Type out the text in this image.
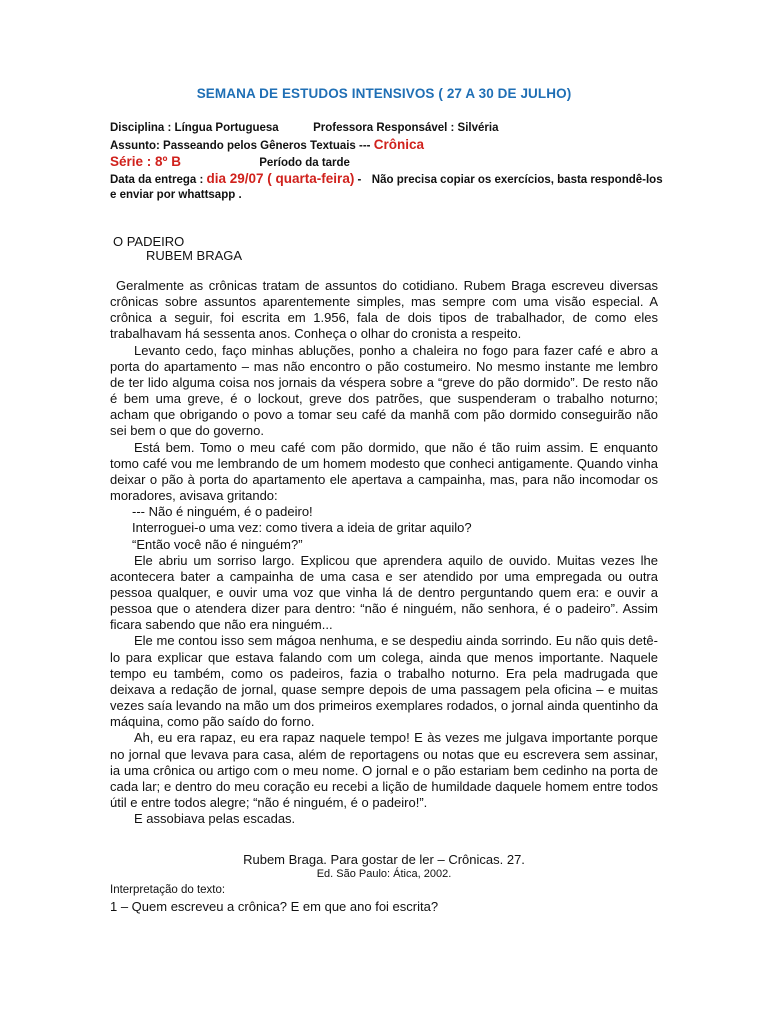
SEMANA DE ESTUDOS INTENSIVOS ( 27 A 30 DE JULHO)
Disciplina : Língua Portuguesa	Professora Responsável : Silvéria
Assunto: Passeando pelos Gêneros Textuais --- Crônica
Série : 8º B	Período da tarde
Data da entrega : dia 29/07 ( quarta-feira) - Não precisa copiar os exercícios, basta respondê-los
e enviar por whattsapp .
O PADEIRO
RUBEM BRAGA

Geralmente as crônicas tratam de assuntos do cotidiano. Rubem Braga escreveu diversas crônicas sobre assuntos aparentemente simples, mas sempre com uma visão especial. A crônica a seguir, foi escrita em 1.956, fala de dois tipos de trabalhador, de como eles trabalhavam há sessenta anos. Conheça o olhar do cronista a respeito.

Levanto cedo, faço minhas abluções, ponho a chaleira no fogo para fazer café e abro a porta do apartamento – mas não encontro o pão costumeiro. No mesmo instante me lembro de ter lido alguma coisa nos jornais da véspera sobre a “greve do pão dormido”. De resto não é bem uma greve, é o lockout, greve dos patrões, que suspenderam o trabalho noturno; acham que obrigando o povo a tomar seu café da manhã com pão dormido conseguirão não sei bem o que do governo.

Está bem. Tomo o meu café com pão dormido, que não é tão ruim assim. E enquanto tomo café vou me lembrando de um homem modesto que conheci antigamente. Quando vinha deixar o pão à porta do apartamento ele apertava a campainha, mas, para não incomodar os moradores, avisava gritando:

--- Não é ninguém, é o padeiro!

Interroguei-o uma vez: como tivera a ideia de gritar aquilo?

“Então você não é ninguém?”

Ele abriu um sorriso largo. Explicou que aprendera aquilo de ouvido. Muitas vezes lhe acontecera bater a campainha de uma casa e ser atendido por uma empregada ou outra pessoa qualquer, e ouvir uma voz que vinha lá de dentro perguntando quem era: e ouvir a pessoa que o atendera dizer para dentro: “não é ninguém, não senhora, é o padeiro”. Assim ficara sabendo que não era ninguém...

Ele me contou isso sem mágoa nenhuma, e se despediu ainda sorrindo. Eu não quis detê-lo para explicar que estava falando com um colega, ainda que menos importante. Naquele tempo eu também, como os padeiros, fazia o trabalho noturno. Era pela madrugada que deixava a redação de jornal, quase sempre depois de uma passagem pela oficina – e muitas vezes saía levando na mão um dos primeiros exemplares rodados, o jornal ainda quentinho da máquina, como pão saído do forno.

Ah, eu era rapaz, eu era rapaz naquele tempo! E às vezes me julgava importante porque no jornal que levava para casa, além de reportagens ou notas que eu escrevera sem assinar, ia uma crônica ou artigo com o meu nome. O jornal e o pão estariam bem cedinho na porta de cada lar; e dentro do meu coração eu recebi a lição de humildade daquele homem entre todos útil e entre todos alegre; “não é ninguém, é o padeiro!”.

E assobiava pelas escadas.

Rubem Braga. Para gostar de ler – Crônicas. 27.
Ed. São Paulo: Ática, 2002.
Interpretação do texto:
1 – Quem escreveu a crônica? E em que ano foi escrita?
